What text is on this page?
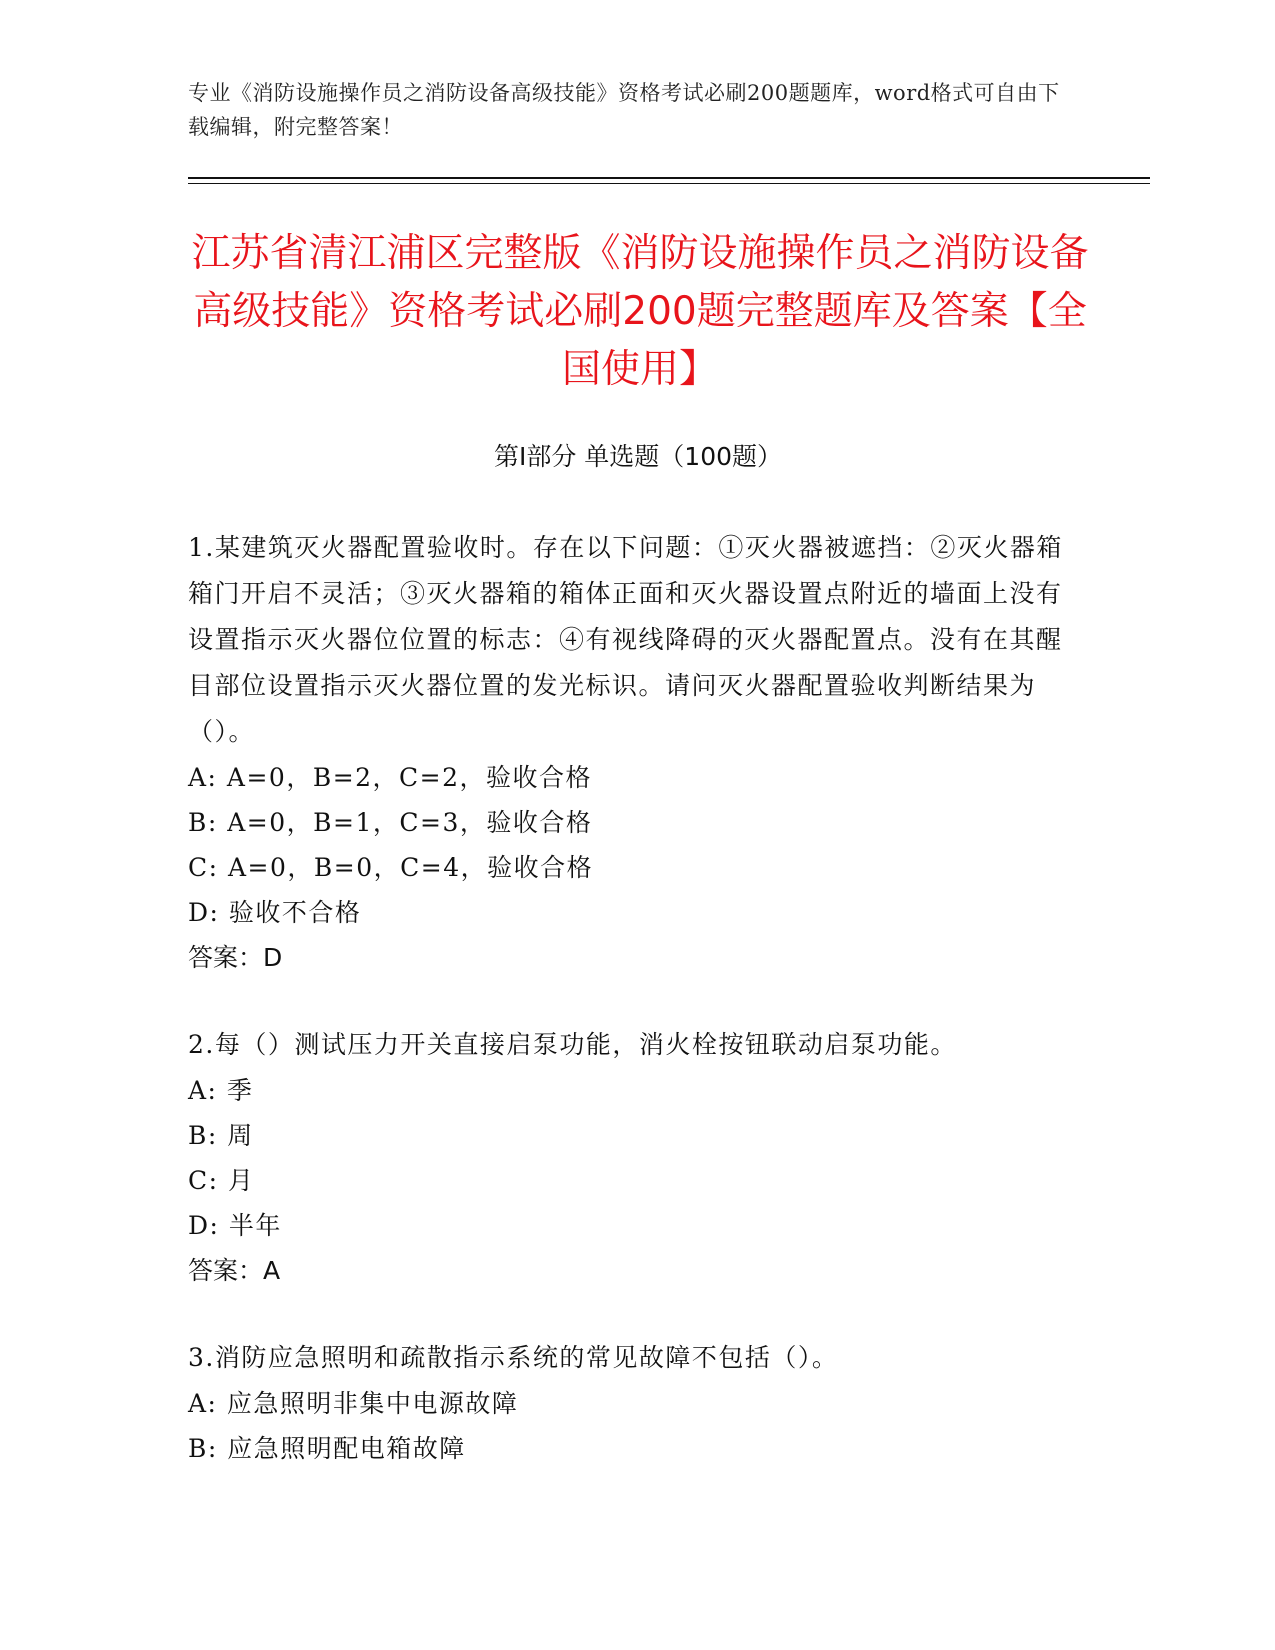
专业《消防设施操作员之消防设备高级技能》资格考试必刷200题题库，word格式可自由下载编辑，附完整答案！
江苏省清江浦区完整版《消防设施操作员之消防设备高级技能》资格考试必刷200题完整题库及答案【全国使用】
第Ⅰ部分 单选题（100题）
1.某建筑灭火器配置验收时。存在以下问题：①灭火器被遮挡：②灭火器箱箱门开启不灵活；③灭火器箱的箱体正面和灭火器设置点附近的墙面上没有设置指示灭火器位位置的标志：④有视线降碍的灭火器配置点。没有在其醒目部位设置指示灭火器位置的发光标识。请问灭火器配置验收判断结果为（）。
A: A=0，B=2，C=2，验收合格
B: A=0，B=1，C=3，验收合格
C: A=0，B=0，C=4，验收合格
D: 验收不合格
答案：D
2.每（）测试压力开关直接启泵功能，消火栓按钮联动启泵功能。
A: 季
B: 周
C: 月
D: 半年
答案：A
3.消防应急照明和疏散指示系统的常见故障不包括（）。
A: 应急照明非集中电源故障
B: 应急照明配电箱故障
